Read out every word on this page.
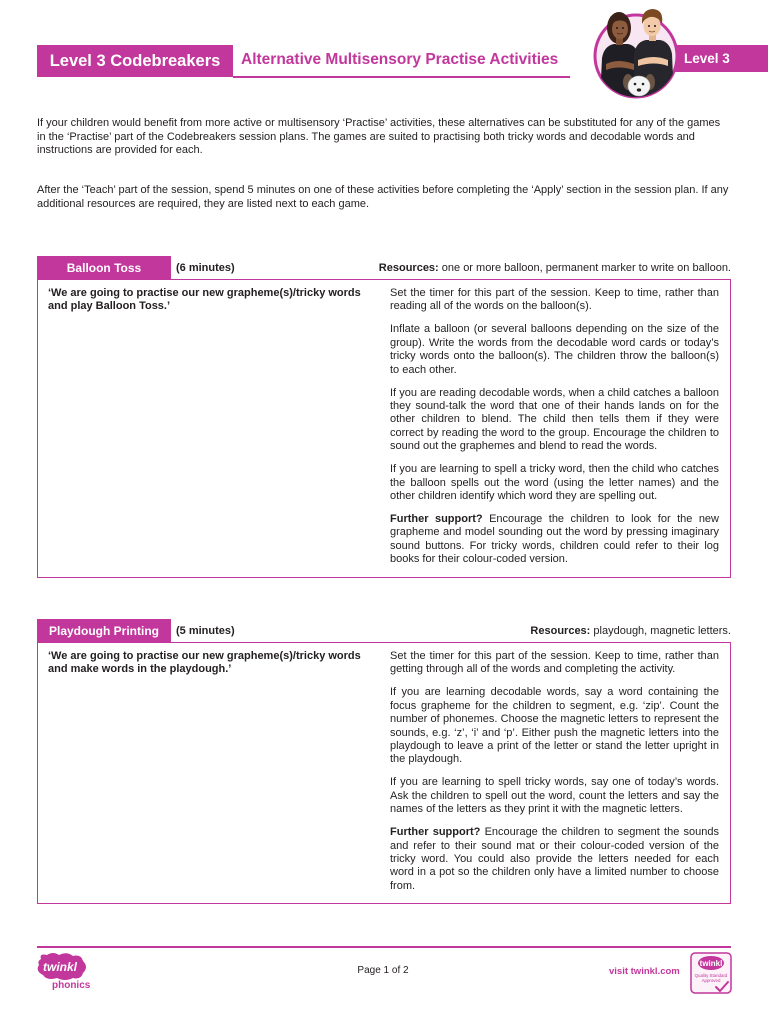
Level 3 Codebreakers Alternative Multisensory Practise Activities	Level 3

If your children would benefit from more active or multisensory ‘Practise’ activities, these alternatives can be substituted for any of the games in the ‘Practise’ part of the Codebreakers session plans. The games are suited to practising both tricky words and decodable words and instructions are provided for each.

After the ‘Teach’ part of the session, spend 5 minutes on one of these activities before completing the ‘Apply’ section in the session plan. If any additional resources are required, they are listed next to each game.

Balloon Toss	(6 minutes)	Resources: one or more balloon, permanent marker to write on balloon.
‘We are going to practise our new grapheme(s)/tricky words and play Balloon Toss.’

Set the timer for this part of the session. Keep to time, rather than reading all of the words on the balloon(s).

Inflate a balloon (or several balloons depending on the size of the group). Write the words from the decodable word cards or today’s tricky words onto the balloon(s). The children throw the balloon(s) to each other.

If you are reading decodable words, when a child catches a balloon they sound-talk the word that one of their hands lands on for the other children to blend. The child then tells them if they were correct by reading the word to the group. Encourage the children to sound out the graphemes and blend to read the words.

If you are learning to spell a tricky word, then the child who catches the balloon spells out the word (using the letter names) and the other children identify which word they are spelling out.

Further support? Encourage the children to look for the new grapheme and model sounding out the word by pressing imaginary sound buttons. For tricky words, children could refer to their log books for their colour-coded version.

Playdough Printing (5 minutes)	Resources: playdough, magnetic letters.
‘We are going to practise our new grapheme(s)/tricky words and make words in the playdough.’

Set the timer for this part of the session. Keep to time, rather than getting through all of the words and completing the activity.

If you are learning decodable words, say a word containing the focus grapheme for the children to segment, e.g. ‘zip’. Count the number of phonemes. Choose the magnetic letters to represent the sounds, e.g. ‘z’, ‘i’ and ‘p’. Either push the magnetic letters into the playdough to leave a print of the letter or stand the letter upright in the playdough.

If you are learning to spell tricky words, say one of today’s words. Ask the children to spell out the word, count the letters and say the names of the letters as they print it with the magnetic letters.

Further support? Encourage the children to segment the sounds and refer to their sound mat or their colour-coded version of the tricky word. You could also provide the letters needed for each word in a pot so the children only have a limited number to choose from.

twinkl
phonics
Page 1 of 2	visit twinkl.com
twinkl
Quality Standard
Approved
